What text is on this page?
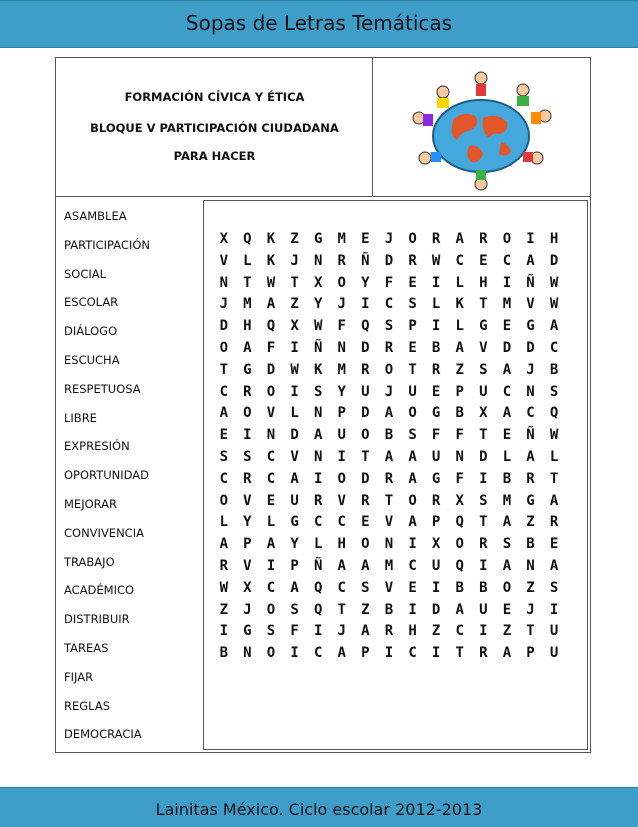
Sopas de Letras Temáticas
FORMACIÓN CÍVICA Y ÉTICA
BLOQUE V PARTICIPACIÓN CIUDADANA
PARA HACER
ASAMBLEA
PARTICIPACIÓN
SOCIAL
ESCOLAR
DIÁLOGO
ESCUCHA
RESPETUOSA
LIBRE
EXPRESIÓN
OPORTUNIDAD
MEJORAR
CONVIVENCIA
TRABAJO
ACADÉMICO
DISTRIBUIR
TAREAS
FIJAR
REGLAS
DEMOCRACIA
X	Q	K	Z	G	M	E	J	O	R	A	R	O	I	H
V	L	K	J	N	R	Ñ	D	R	W	C	E	C	A	D
N	T	W	T	X	O	Y	F	E	I	L	H	I	Ñ	W
J	M	A	Z	Y	J	I	C	S	L	K	T	M	V	W
D	H	Q	X	W	F	Q	S	P	I	L	G	E	G	A
O	A	F	I	Ñ	N	D	R	E	B	A	V	D	D	C
T	G	D	W	K	M	R	O	T	R	Z	S	A	J	B
C	R	O	I	S	Y	U	J	U	E	P	U	C	N	S
A	O	V	L	N	P	D	A	O	G	B	X	A	C	Q
E	I	N	D	A	U	O	B	S	F	F	T	E	Ñ	W
S	S	C	V	N	I	T	A	A	U	N	D	L	A	L
C	R	C	A	I	O	D	R	A	G	F	I	B	R	T
O	V	E	U	R	V	R	T	O	R	X	S	M	G	A
L	Y	L	G	C	C	E	V	A	P	Q	T	A	Z	R
A	P	A	Y	L	H	O	N	I	X	O	R	S	B	E
R	V	I	P	Ñ	A	A	M	C	U	Q	I	A	N	A
W	X	C	A	Q	C	S	V	E	I	B	B	O	Z	S
Z	J	O	S	Q	T	Z	B	I	D	A	U	E	J	I
I	G	S	F	I	J	A	R	H	Z	C	I	Z	T	U
B	N	O	I	C	A	P	I	C	I	T	R	A	P	U
Lainitas México. Ciclo escolar 2012-2013
